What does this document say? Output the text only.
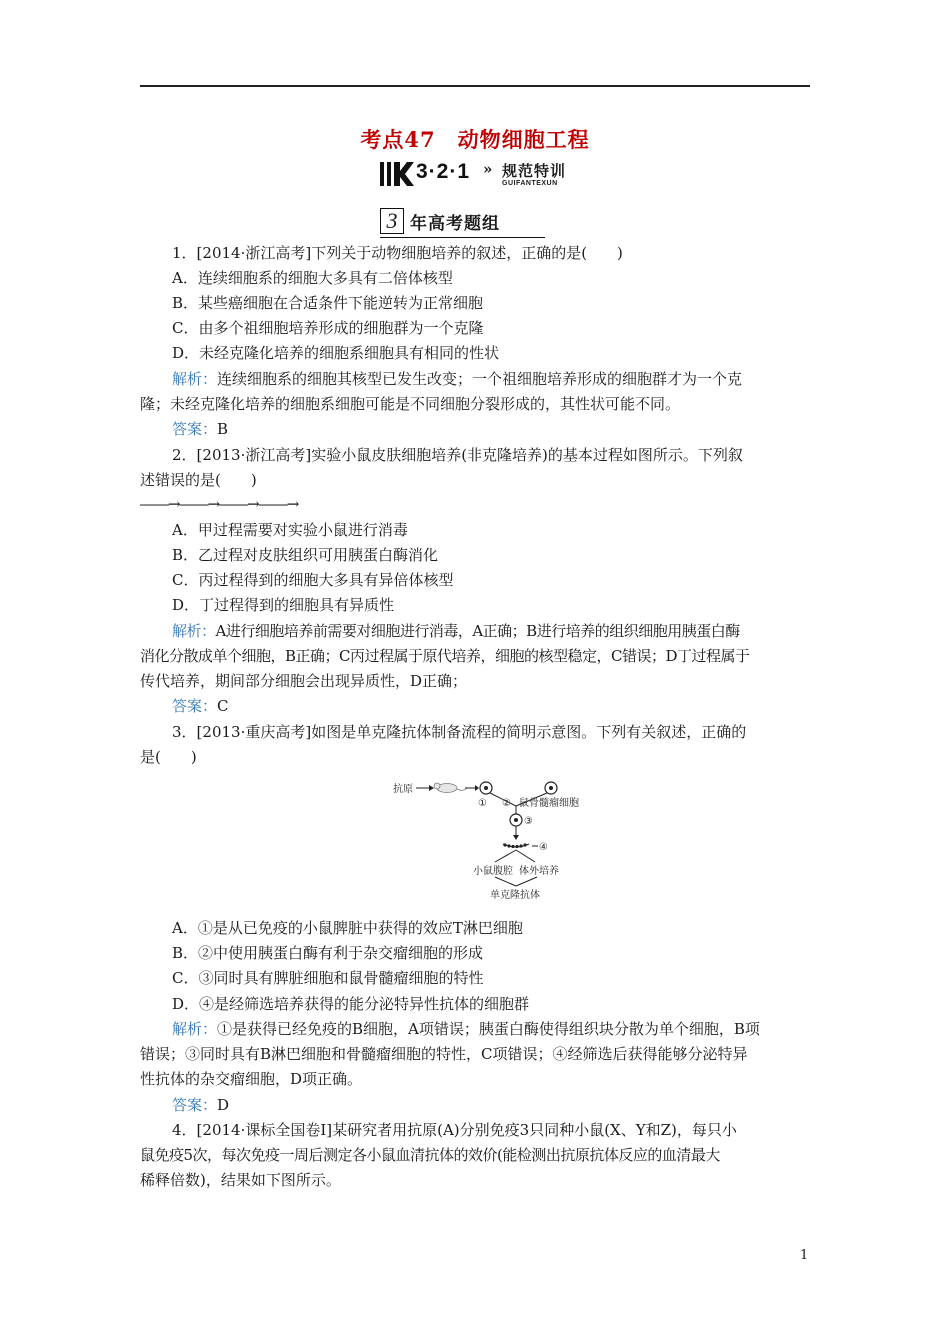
考点47　动物细胞工程
3·2·1 » 规范特训
GUIFANTEXUN
3 年高考题组
1．[2014·浙江高考]下列关于动物细胞培养的叙述，正确的是(　　)
A．连续细胞系的细胞大多具有二倍体核型
B．某些癌细胞在合适条件下能逆转为正常细胞
C．由多个祖细胞培养形成的细胞群为一个克隆
D．未经克隆化培养的细胞系细胞具有相同的性状
解析：连续细胞系的细胞其核型已发生改变；一个祖细胞培养形成的细胞群才为一个克
隆；未经克隆化培养的细胞系细胞可能是不同细胞分裂形成的，其性状可能不同。
答案：B
2．[2013·浙江高考]实验小鼠皮肤细胞培养(非克隆培养)的基本过程如图所示。下列叙
述错误的是(　　)
――→――→――→――→
A．甲过程需要对实验小鼠进行消毒
B．乙过程对皮肤组织可用胰蛋白酶消化
C．丙过程得到的细胞大多具有异倍体核型
D．丁过程得到的细胞具有异质性
解析：A进行细胞培养前需要对细胞进行消毒，A正确；B进行培养的组织细胞用胰蛋白酶
消化分散成单个细胞，B正确；C丙过程属于原代培养，细胞的核型稳定，C错误；D丁过程属于
传代培养，期间部分细胞会出现异质性，D正确；
答案：C
3．[2013·重庆高考]如图是单克隆抗体制备流程的简明示意图。下列有关叙述，正确的
是(　　)
抗原
① ② 鼠骨髓瘤细胞
③
④
小鼠腹腔 体外培养
单克隆抗体
A．①是从已免疫的小鼠脾脏中获得的效应T淋巴细胞
B．②中使用胰蛋白酶有利于杂交瘤细胞的形成
C．③同时具有脾脏细胞和鼠骨髓瘤细胞的特性
D．④是经筛选培养获得的能分泌特异性抗体的细胞群
解析：①是获得已经免疫的B细胞，A项错误；胰蛋白酶使得组织块分散为单个细胞，B项
错误；③同时具有B淋巴细胞和骨髓瘤细胞的特性，C项错误；④经筛选后获得能够分泌特异
性抗体的杂交瘤细胞，D项正确。
答案：D
4．[2014·课标全国卷Ⅰ]某研究者用抗原(A)分别免疫3只同种小鼠(X、Y和Z)，每只小
鼠免疫5次，每次免疫一周后测定各小鼠血清抗体的效价(能检测出抗原抗体反应的血清最大
稀释倍数)，结果如下图所示。
1
